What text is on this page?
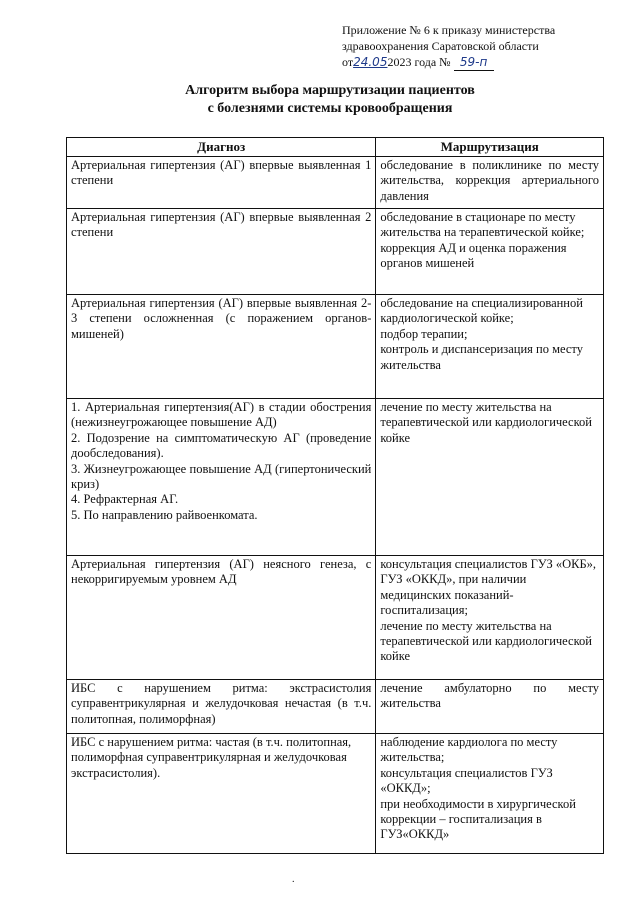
Приложение № 6 к приказу министерства
здравоохранения Саратовской области
от24.052023 года № 59-п
Алгоритм выбора маршрутизации пациентов
с болезнями системы кровообращения
Диагноз	Маршрутизация

Артериальная гипертензия (АГ) впервые выявленная 1 степени	обследование в поликлинике по месту жительства, коррекция артериального давления

Артериальная гипертензия (АГ) впервые выявленная 2 степени	обследование в стационаре по месту жительства на терапевтической койке;
коррекция АД и оценка поражения органов мишеней

Артериальная гипертензия (АГ) впервые выявленная 2-3 степени осложненная (с поражением органов-мишеней)	обследование на специализированной кардиологической койке;
подбор терапии;
контроль и диспансеризация по месту жительства

1. Артериальная гипертензия(АГ) в стадии обострения (нежизнеугрожающее повышение АД)
2. Подозрение на симптоматическую АГ (проведение дообследования).
3. Жизнеугрожающее повышение АД (гипертонический криз)
4. Рефрактерная АГ.
5. По направлению райвоенкомата.	лечение по месту жительства на терапевтической или кардиологической койке

Артериальная гипертензия (АГ) неясного генеза, с некорригируемым уровнем АД	консультация специалистов ГУЗ «ОКБ», ГУЗ «ОККД», при наличии медицинских показаний- госпитализация;
лечение по месту жительства на терапевтической или кардиологической койке

ИБС с нарушением ритма: экстрасистолия суправентрикулярная и желудочковая нечастая (в т.ч. политопная, полиморфная)	лечение амбулаторно по месту жительства

ИБС с нарушением ритма: частая (в т.ч. политопная, полиморфная суправентрикулярная и желудочковая экстрасистолия).	наблюдение кардиолога по месту жительства;
консультация специалистов ГУЗ «ОККД»;
при необходимости в хирургической коррекции – госпитализация в ГУЗ«ОККД»
.
